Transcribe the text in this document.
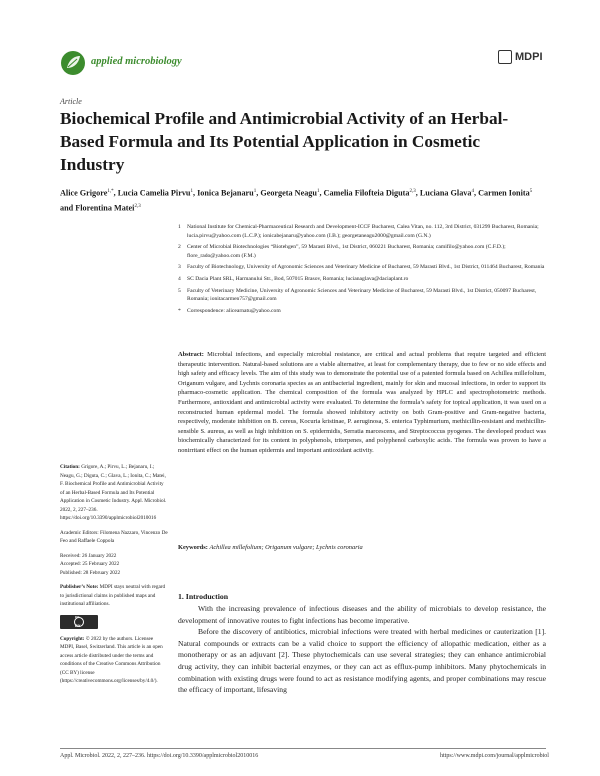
applied microbiology	MDPI
Article
Biochemical Profile and Antimicrobial Activity of an Herbal-Based Formula and Its Potential Application in Cosmetic Industry
Alice Grigore$^{1,*}$, Lucia Camelia Pirvu$^1$, Ionica Bejanaru$^1$, Georgeta Neagu$^1$, Camelia Filofteia Diguta$^{2,3}$, Luciana Glava$^4$, Carmen Ionita$^5$ and Florentina Matei$^{2,3}$
1	National Institute for Chemical-Pharmaceutical Research and Development-ICCF Bucharest, Calea Vitan, no. 112, 3rd District, 031299 Bucharest, Romania; lucia.pirvu@yahoo.com (L.C.P.); ionicabejanaru@yahoo.com (I.B.); georgetaneagu2000@gmail.com (G.N.)
2	Center of Microbial Biotechnologies “Biotehgen”, 59 Marasti Blvd., 1st District, 060221 Bucharest, Romania; camifilo@yahoo.com (C.F.D.); flore_rado@yahoo.com (F.M.)
3	Faculty of Biotechnology, University of Agronomic Sciences and Veterinary Medicine of Bucharest, 59 Marasti Blvd., 1st District, 011464 Bucharest, Romania
4	SC Dacia Plant SRL, Harmanului Str., Bod, 507015 Brasov, Romania; lucianaglava@daciaplant.ro
5	Faculty of Veterinary Medicine, University of Agronomic Sciences and Veterinary Medicine of Bucharest, 59 Marasti Blvd., 1st District, 050097 Bucharest, Romania; ionitacarmen757@gmail.com
*	Correspondence: alicearnatu@yahoo.com
Abstract: Microbial infections, and especially microbial resistance, are critical and actual problems that require targeted and efficient therapeutic intervention. Natural-based solutions are a viable alternative, at least for complementary therapy, due to few or no side effects and high safety and efficacy levels. The aim of this study was to demonstrate the potential use of a patented formula based on Achillea millefolium, Origanum vulgare, and Lychnis coronaria species as an antibacterial ingredient, mainly for skin and mucosal infections, in order to support its pharmaco-cosmetic application. The chemical composition of the formula was analyzed by HPLC and spectrophotometric methods. Furthermore, antioxidant and antimicrobial activity were evaluated. To determine the formula’s safety for topical application, it was used on a reconstructed human epidermal model. The formula showed inhibitory activity on both Gram-positive and Gram-negative bacteria, respectively, moderate inhibition on B. cereus, Kocuria kristinae, P. aeruginosa, S. enterica Typhimurium, methicillin-resistant and methicillin-sensible S. aureus, as well as high inhibition on S. epidermidis, Serratia marcescens, and Streptococcus pyogenes. The developed product was biochemically characterized for its content in polyphenols, triterpenes, and polyphenol carboxylic acids. The formula was proven to have a nonirritant effect on the human epidermis and important antioxidant activity.
Keywords: Achillea millefolium; Origanum vulgare; Lychnis coronaria
Citation: Grigore, A.; Pirvu, L.; Bejanaru, I.; Neagu, G.; Diguta, C.; Glava, L.; Ionita, C.; Matei, F. Biochemical Profile and Antimicrobial Activity of an Herbal-Based Formula and Its Potential Application in Cosmetic Industry. Appl. Microbiol. 2022, 2, 227–236. https://doi.org/10.3390/applmicrobiol2010016
Academic Editors: Filomena Nazzaro, Vincenzo De Feo and Raffaele Coppola
Received: 26 January 2022
Accepted: 25 February 2022
Published: 28 February 2022
Publisher’s Note: MDPI stays neutral with regard to jurisdictional claims in published maps and institutional affiliations.
cc BY
Copyright: © 2022 by the authors. Licensee MDPI, Basel, Switzerland. This article is an open access article distributed under the terms and conditions of the Creative Commons Attribution (CC BY) license (https://creativecommons.org/licenses/by/4.0/).
1. Introduction

With the increasing prevalence of infectious diseases and the ability of microbials to develop resistance, the development of innovative routes to fight infections has become imperative.

Before the discovery of antibiotics, microbial infections were treated with herbal medicines or cauterization [1]. Natural compounds or extracts can be a valid choice to support the efficiency of allopathic medication, either as a monotherapy or as an adjuvant [2]. These phytochemicals can use several strategies; they can enhance antimicrobial drug activity, they can inhibit bacterial enzymes, or they can act as efflux-pump inhibitors. Many phytochemicals in combination with existing drugs were found to act as resistance modifying agents, and proper combinations may rescue the efficacy of important, lifesaving

Appl. Microbiol. 2022, 2, 227–236. https://doi.org/10.3390/applmicrobiol2010016	https://www.mdpi.com/journal/applmicrobiol
